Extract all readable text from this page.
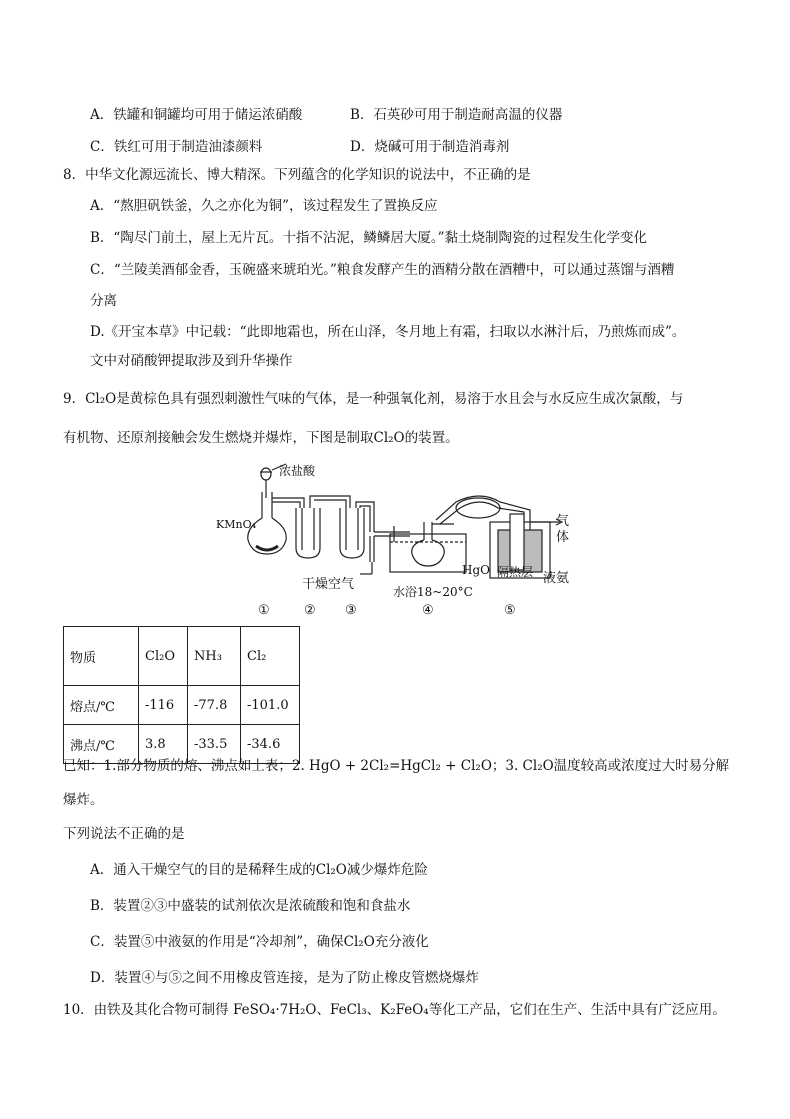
A．铁罐和铜罐均可用于储运浓硝酸	B．石英砂可用于制造耐高温的仪器
C．铁红可用于制造油漆颜料	D．烧碱可用于制造消毒剂
8．中华文化源远流长、博大精深。下列蕴含的化学知识的说法中，不正确的是
A．“熬胆矾铁釜，久之亦化为铜”，该过程发生了置换反应
B．“陶尽门前土，屋上无片瓦。十指不沾泥，鳞鳞居大厦。”黏土烧制陶瓷的过程发生化学变化
C．“兰陵美酒郁金香，玉碗盛来琥珀光。”粮食发酵产生的酒精分散在酒糟中，可以通过蒸馏与酒糟
分离
D.《开宝本草》中记载：“此即地霜也，所在山泽，冬月地上有霜，扫取以水淋汁后，乃煎炼而成”。
文中对硝酸钾提取涉及到升华操作
9．Cl₂O是黄棕色具有强烈刺激性气味的气体，是一种强氧化剂，易溶于水且会与水反应生成次氯酸，与
有机物、还原剂接触会发生燃烧并爆炸，下图是制取Cl₂O的装置。
浓盐酸
KMnO₄
干燥空气	水浴18~20°C
HgO 隔热层 液氨
气
体
①	② ③	④	⑤
物质	Cl₂O	NH₃	Cl₂
熔点/℃	-116	-77.8	-101.0
沸点/℃	3.8	-33.5	-34.6
已知：1.部分物质的熔、沸点如上表；2. HgO + 2Cl₂=HgCl₂ + Cl₂O；3. Cl₂O温度较高或浓度过大时易分解
爆炸。
下列说法不正确的是
A．通入干燥空气的目的是稀释生成的Cl₂O减少爆炸危险
B．装置②③中盛装的试剂依次是浓硫酸和饱和食盐水
C．装置⑤中液氨的作用是“冷却剂”，确保Cl₂O充分液化
D．装置④与⑤之间不用橡皮管连接，是为了防止橡皮管燃烧爆炸
10．由铁及其化合物可制得 FeSO₄·7H₂O、FeCl₃、K₂FeO₄等化工产品，它们在生产、生活中具有广泛应用。
